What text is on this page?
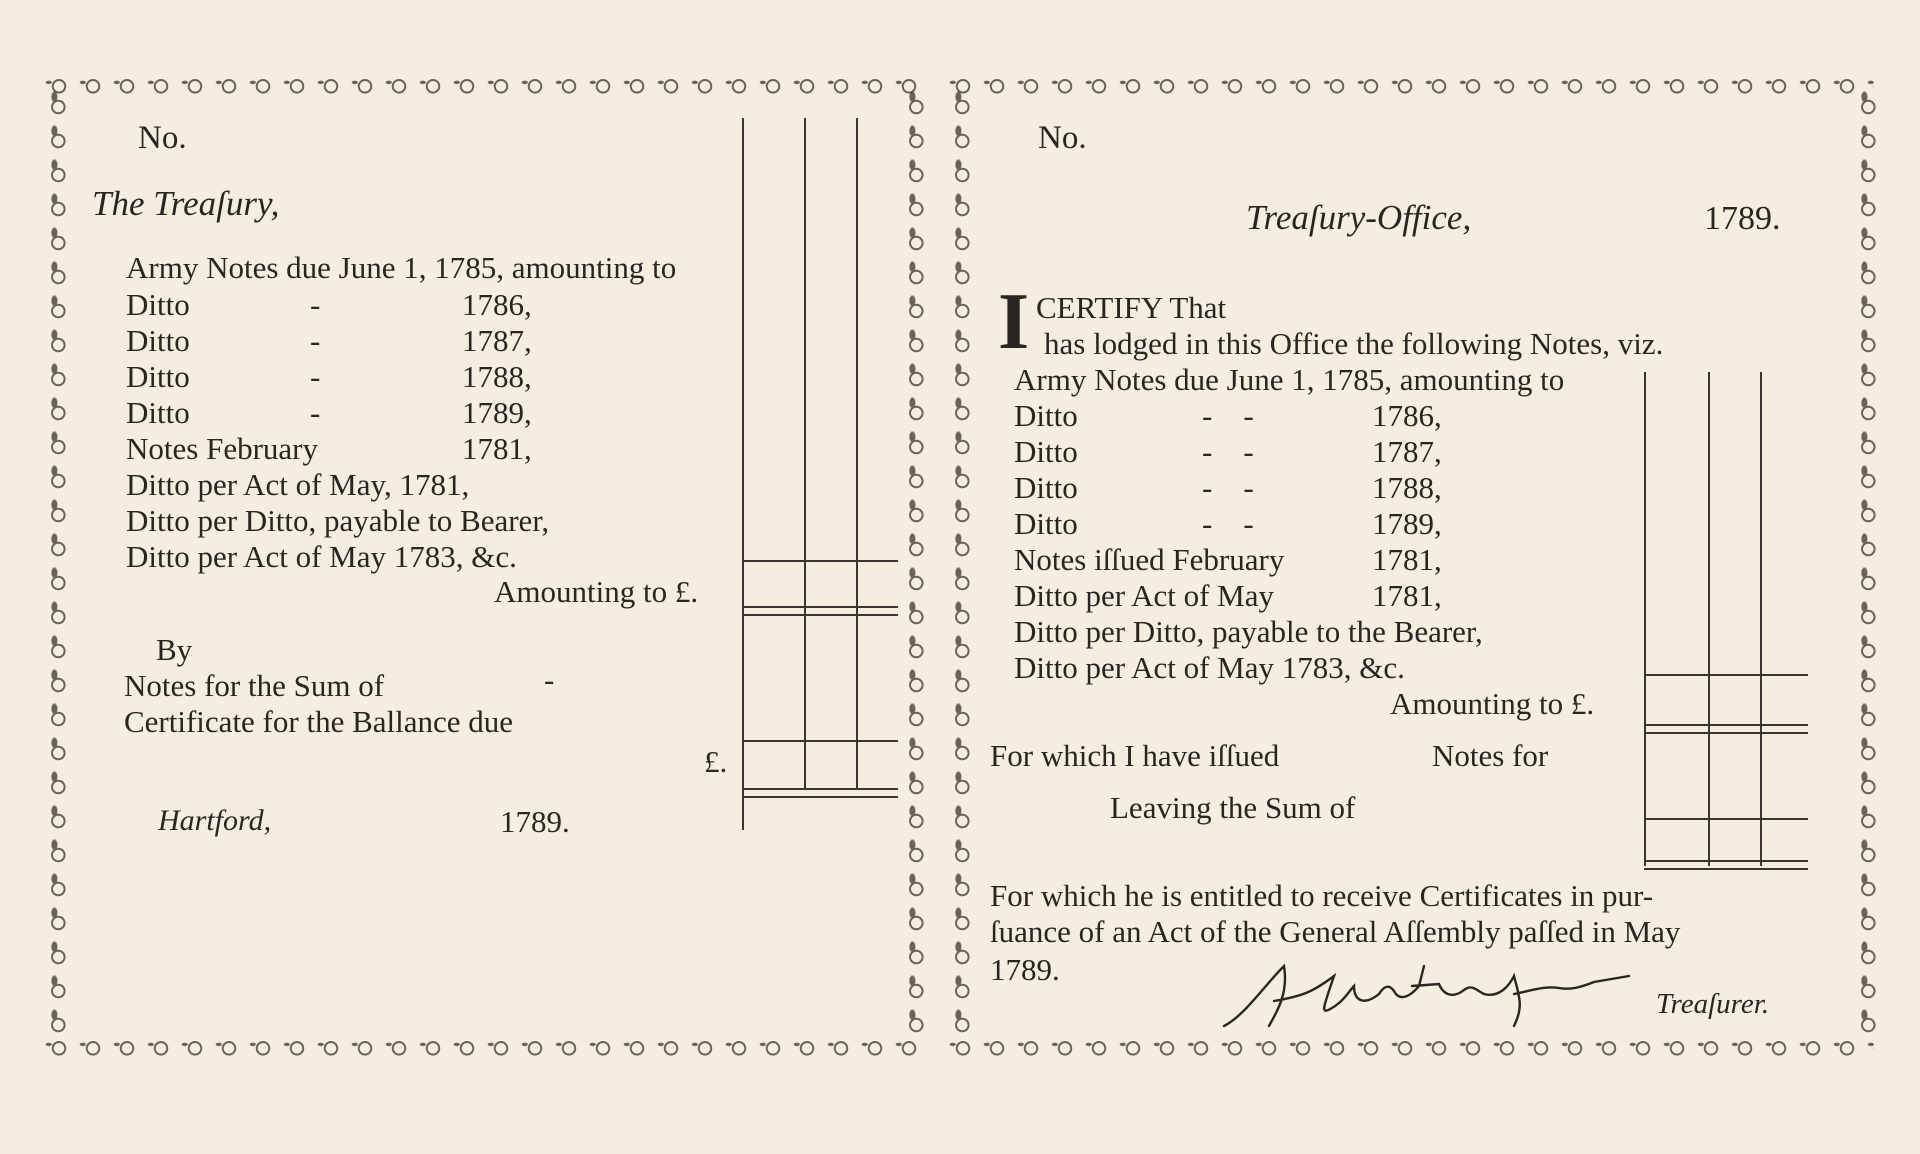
No.
The Treaſury,
Army Notes due June 1, 1785, amounting to
Ditto	-	1786,
Ditto	-	1787,
Ditto	-	1788,
Ditto	-	1789,
Notes February	1781,
Ditto per Act of May, 1781,
Ditto per Ditto, payable to Bearer,
Ditto per Act of May 1783, &c.
Amounting to £.
By
Notes for the Sum of	-
Certificate for the Ballance due
£.
Hartford,	1789.
No.
Treaſury-Office,	1789.
I CERTIFY That
has lodged in this Office the following Notes, viz.
Army Notes due June 1, 1785, amounting to
Ditto	-    -	1786,
Ditto	-    -	1787,
Ditto	-    -	1788,
Ditto	-    -	1789,
Notes iſſued February	1781,
Ditto per Act of May	1781,
Ditto per Ditto, payable to the Bearer,
Ditto per Act of May 1783, &c.
Amounting to £.
For which I have iſſued	Notes for
Leaving the Sum of
For which he is entitled to receive Certificates in pur-
ſuance of an Act of the General Aſſembly paſſed in May
1789.
Treaſurer.
